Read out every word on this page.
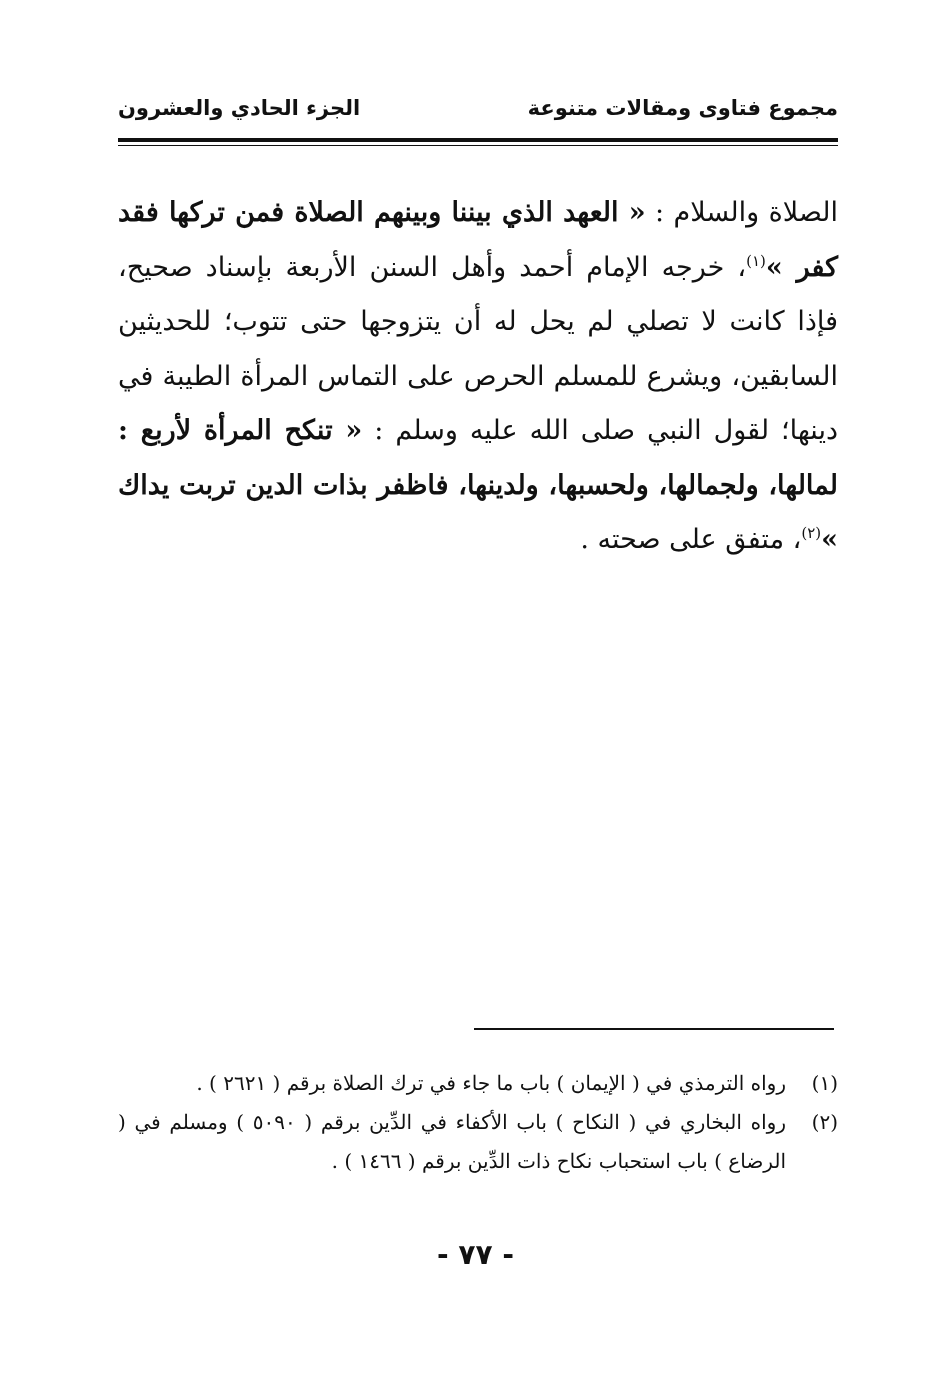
مجموع فتاوى ومقالات متنوعة
الجزء الحادي والعشرون
الصلاة والسلام : « العهد الذي بيننا وبينهم الصلاة فمن تركها فقد كفر »$^{(١)}$، خرجه الإمام أحمد وأهل السنن الأربعة بإسناد صحيح، فإذا كانت لا تصلي لم يحل له أن يتزوجها حتى تتوب؛ للحديثين السابقين، ويشرع للمسلم الحرص على التماس المرأة الطيبة في دينها؛ لقول النبي صلى الله عليه وسلم : « تنكح المرأة لأربع : لمالها، ولجمالها، ولحسبها، ولدينها، فاظفر بذات الدين تربت يداك »$^{(٢)}$، متفق على صحته .
(١)
رواه الترمذي في ( الإيمان ) باب ما جاء في ترك الصلاة برقم ( ٢٦٢١ ) .
(٢)
رواه البخاري في ( النكاح ) باب الأكفاء في الدِّين برقم ( ٥٠٩٠ ) ومسلم في ( الرضاع ) باب استحباب نكاح ذات الدِّين برقم ( ١٤٦٦ ) .
- ٧٧ -
